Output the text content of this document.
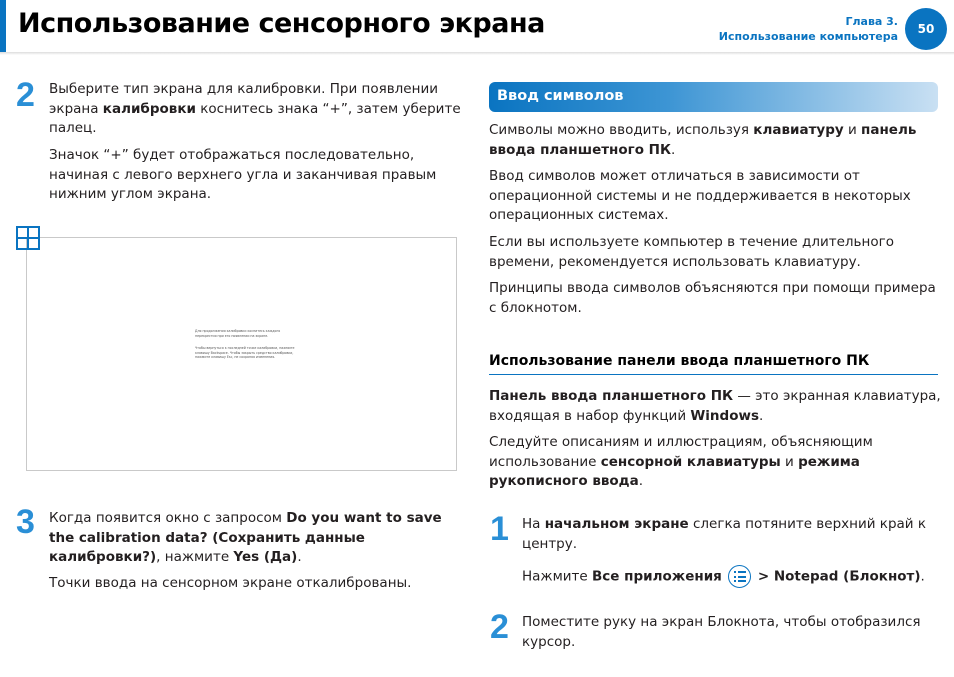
Использование сенсорного экрана	Глава 3.
Использование компьютера
50
2 Выберите тип экрана для калибровки. При появлении экрана калибровки коснитесь знака “+”, затем уберите палец.
Значок “+” будет отображаться последовательно, начиная с левого верхнего угла и заканчивая правым нижним углом экрана.
Для продолжения калибровки коснитесь каждого перекрестия при его появлении на экране.
Чтобы вернуться к последней точке калибровки, нажмите клавишу Backspace. Чтобы закрыть средство калибровки, нажмите клавишу Esc, не сохраняя изменения.
3 Когда появится окно с запросом Do you want to save the calibration data? (Сохранить данные калибровки?), нажмите Yes (Да).
Точки ввода на сенсорном экране откалиброваны.
Ввод символов
Символы можно вводить, используя клавиатуру и панель ввода планшетного ПК.
Ввод символов может отличаться в зависимости от операционной системы и не поддерживается в некоторых операционных системах.
Если вы используете компьютер в течение длительного времени, рекомендуется использовать клавиатуру.
Принципы ввода символов объясняются при помощи примера с блокнотом.
Использование панели ввода планшетного ПК
Панель ввода планшетного ПК — это экранная клавиатура, входящая в набор функций Windows.
Следуйте описаниям и иллюстрациям, объясняющим использование сенсорной клавиатуры и режима рукописного ввода.
1 На начальном экране слегка потяните верхний край к центру.
Нажмите Все приложения
> Notepad (Блокнот).
2 Поместите руку на экран Блокнота, чтобы отобразился курсор.
